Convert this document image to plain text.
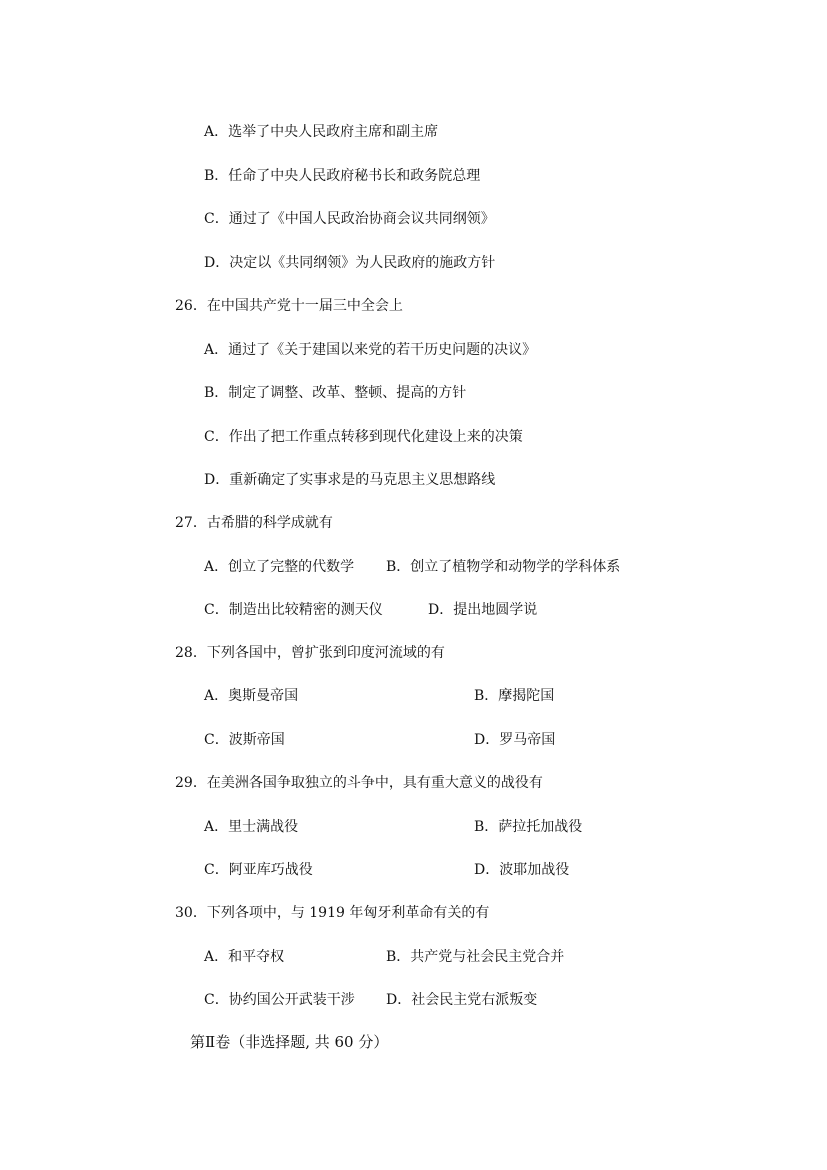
A．选举了中央人民政府主席和副主席
B．任命了中央人民政府秘书长和政务院总理
C．通过了《中国人民政治协商会议共同纲领》
D．决定以《共同纲领》为人民政府的施政方针
26．在中国共产党十一届三中全会上
A．通过了《关于建国以来党的若干历史问题的决议》
B．制定了调整、改革、整顿、提高的方针
C．作出了把工作重点转移到现代化建设上来的决策
D．重新确定了实事求是的马克思主义思想路线
27．古希腊的科学成就有
A．创立了完整的代数学 B．创立了植物学和动物学的学科体系
C．制造出比较精密的测天仪	D．提出地圆学说
28．下列各国中，曾扩张到印度河流域的有
A．奥斯曼帝国	B．摩揭陀国
C．波斯帝国	D．罗马帝国
29．在美洲各国争取独立的斗争中，具有重大意义的战役有
A．里士满战役	B．萨拉托加战役
C．阿亚库巧战役	D．波耶加战役
30．下列各项中，与 1919 年匈牙利革命有关的有
A．和平夺权	B．共产党与社会民主党合并
C．协约国公开武装干涉 D．社会民主党右派叛变
第Ⅱ卷（非选择题, 共 60 分）
